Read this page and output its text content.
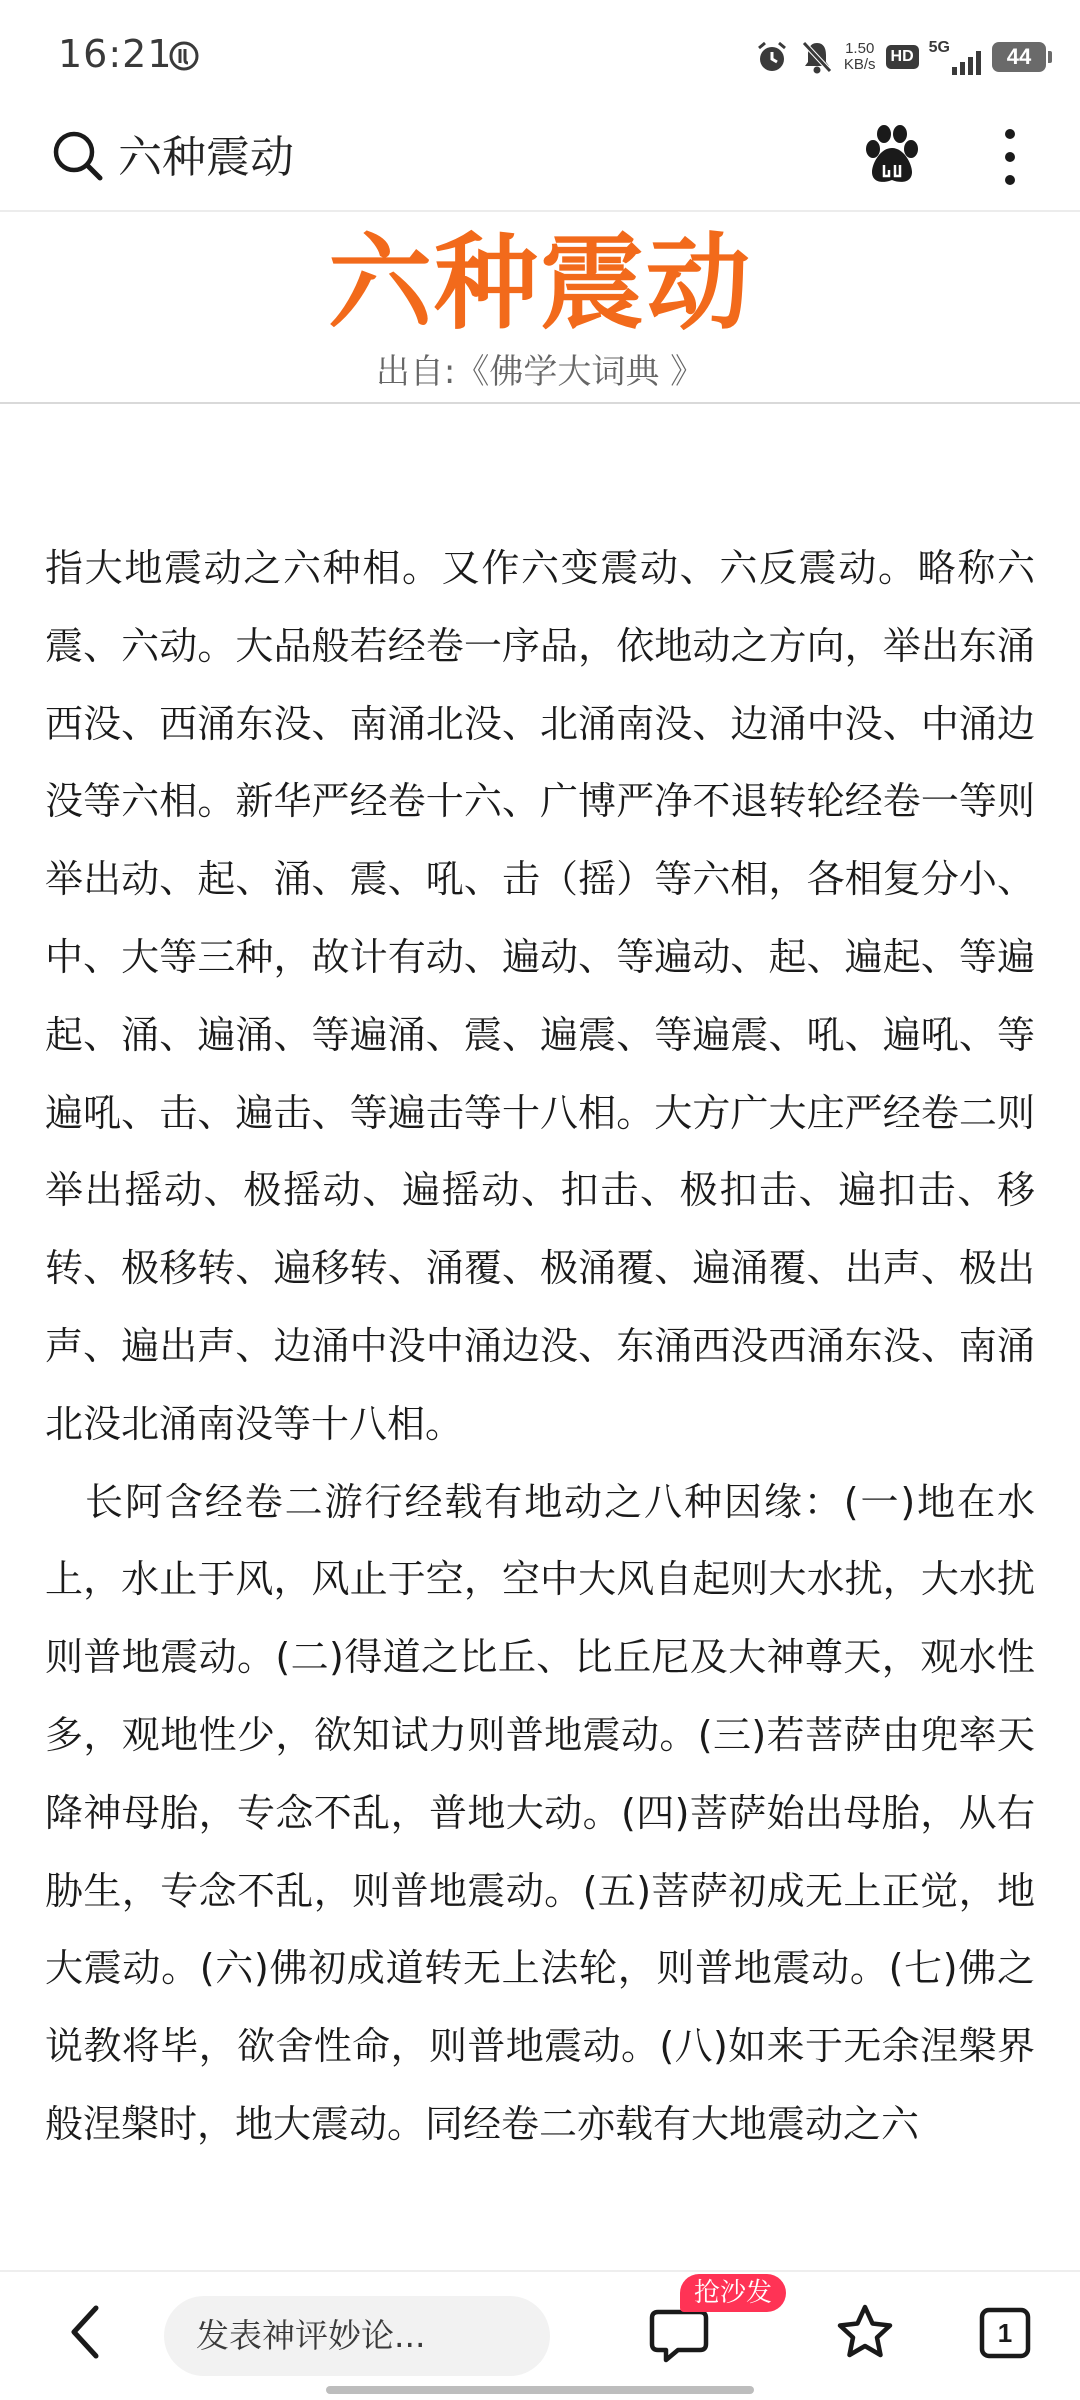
16:21	1.50
KB/s HD
5G	44
六种震动
六种震动
出自:《佛学大词典 》

指大地震动之六种相。又作六变震动、六反震动。略称六震、六动。大品般若经卷一序品，依地动之方向，举出东涌西没、西涌东没、南涌北没、北涌南没、边涌中没、中涌边没等六相。新华严经卷十六、广博严净不退转轮经卷一等则举出动、起、涌、震、吼、击（摇）等六相，各相复分小、中、大等三种，故计有动、遍动、等遍动、起、遍起、等遍起、涌、遍涌、等遍涌、震、遍震、等遍震、吼、遍吼、等遍吼、击、遍击、等遍击等十八相。大方广大庄严经卷二则举出摇动、极摇动、遍摇动、扣击、极扣击、遍扣击、移转、极移转、遍移转、涌覆、极涌覆、遍涌覆、出声、极出声、遍出声、边涌中没中涌边没、东涌西没西涌东没、南涌北没北涌南没等十八相。

长阿含经卷二游行经载有地动之八种因缘：(一)地在水上，水止于风，风止于空，空中大风自起则大水扰，大水扰则普地震动。(二)得道之比丘、比丘尼及大神尊天，观水性多，观地性少，欲知试力则普地震动。(三)若菩萨由兜率天降神母胎，专念不乱，普地大动。(四)菩萨始出母胎，从右胁生，专念不乱，则普地震动。(五)菩萨初成无上正觉，地大震动。(六)佛初成道转无上法轮，则普地震动。(七)佛之说教将毕，欲舍性命，则普地震动。(八)如来于无余涅槃界般涅槃时，地大震动。同经卷二亦载有大地震动之六

发表神评妙论...
抢沙发
1
